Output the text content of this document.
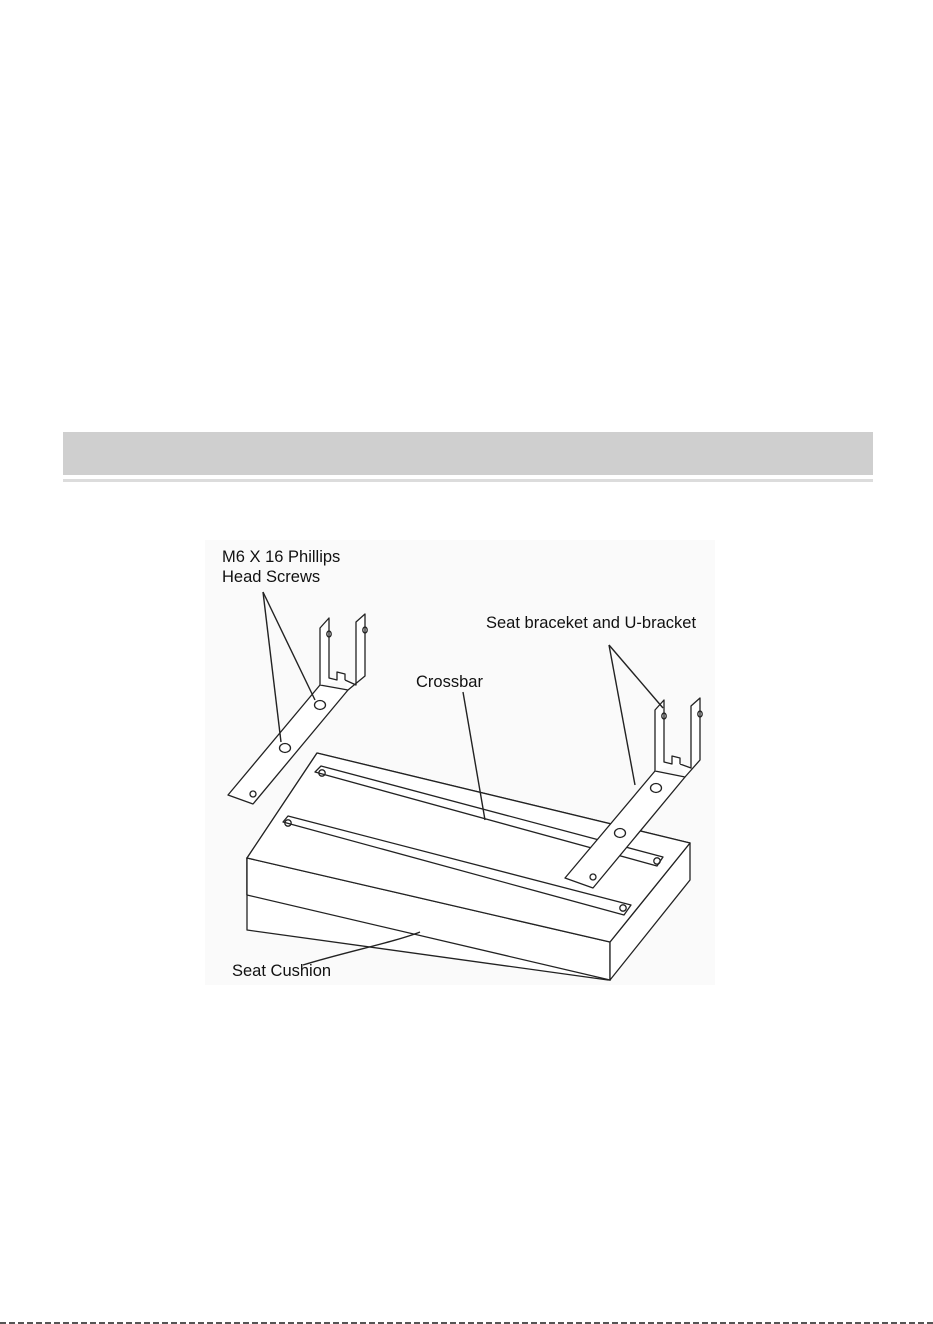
M6 X 16 Phillips
Head Screws
Seat braceket and U-bracket
Crossbar
Seat Cushion
